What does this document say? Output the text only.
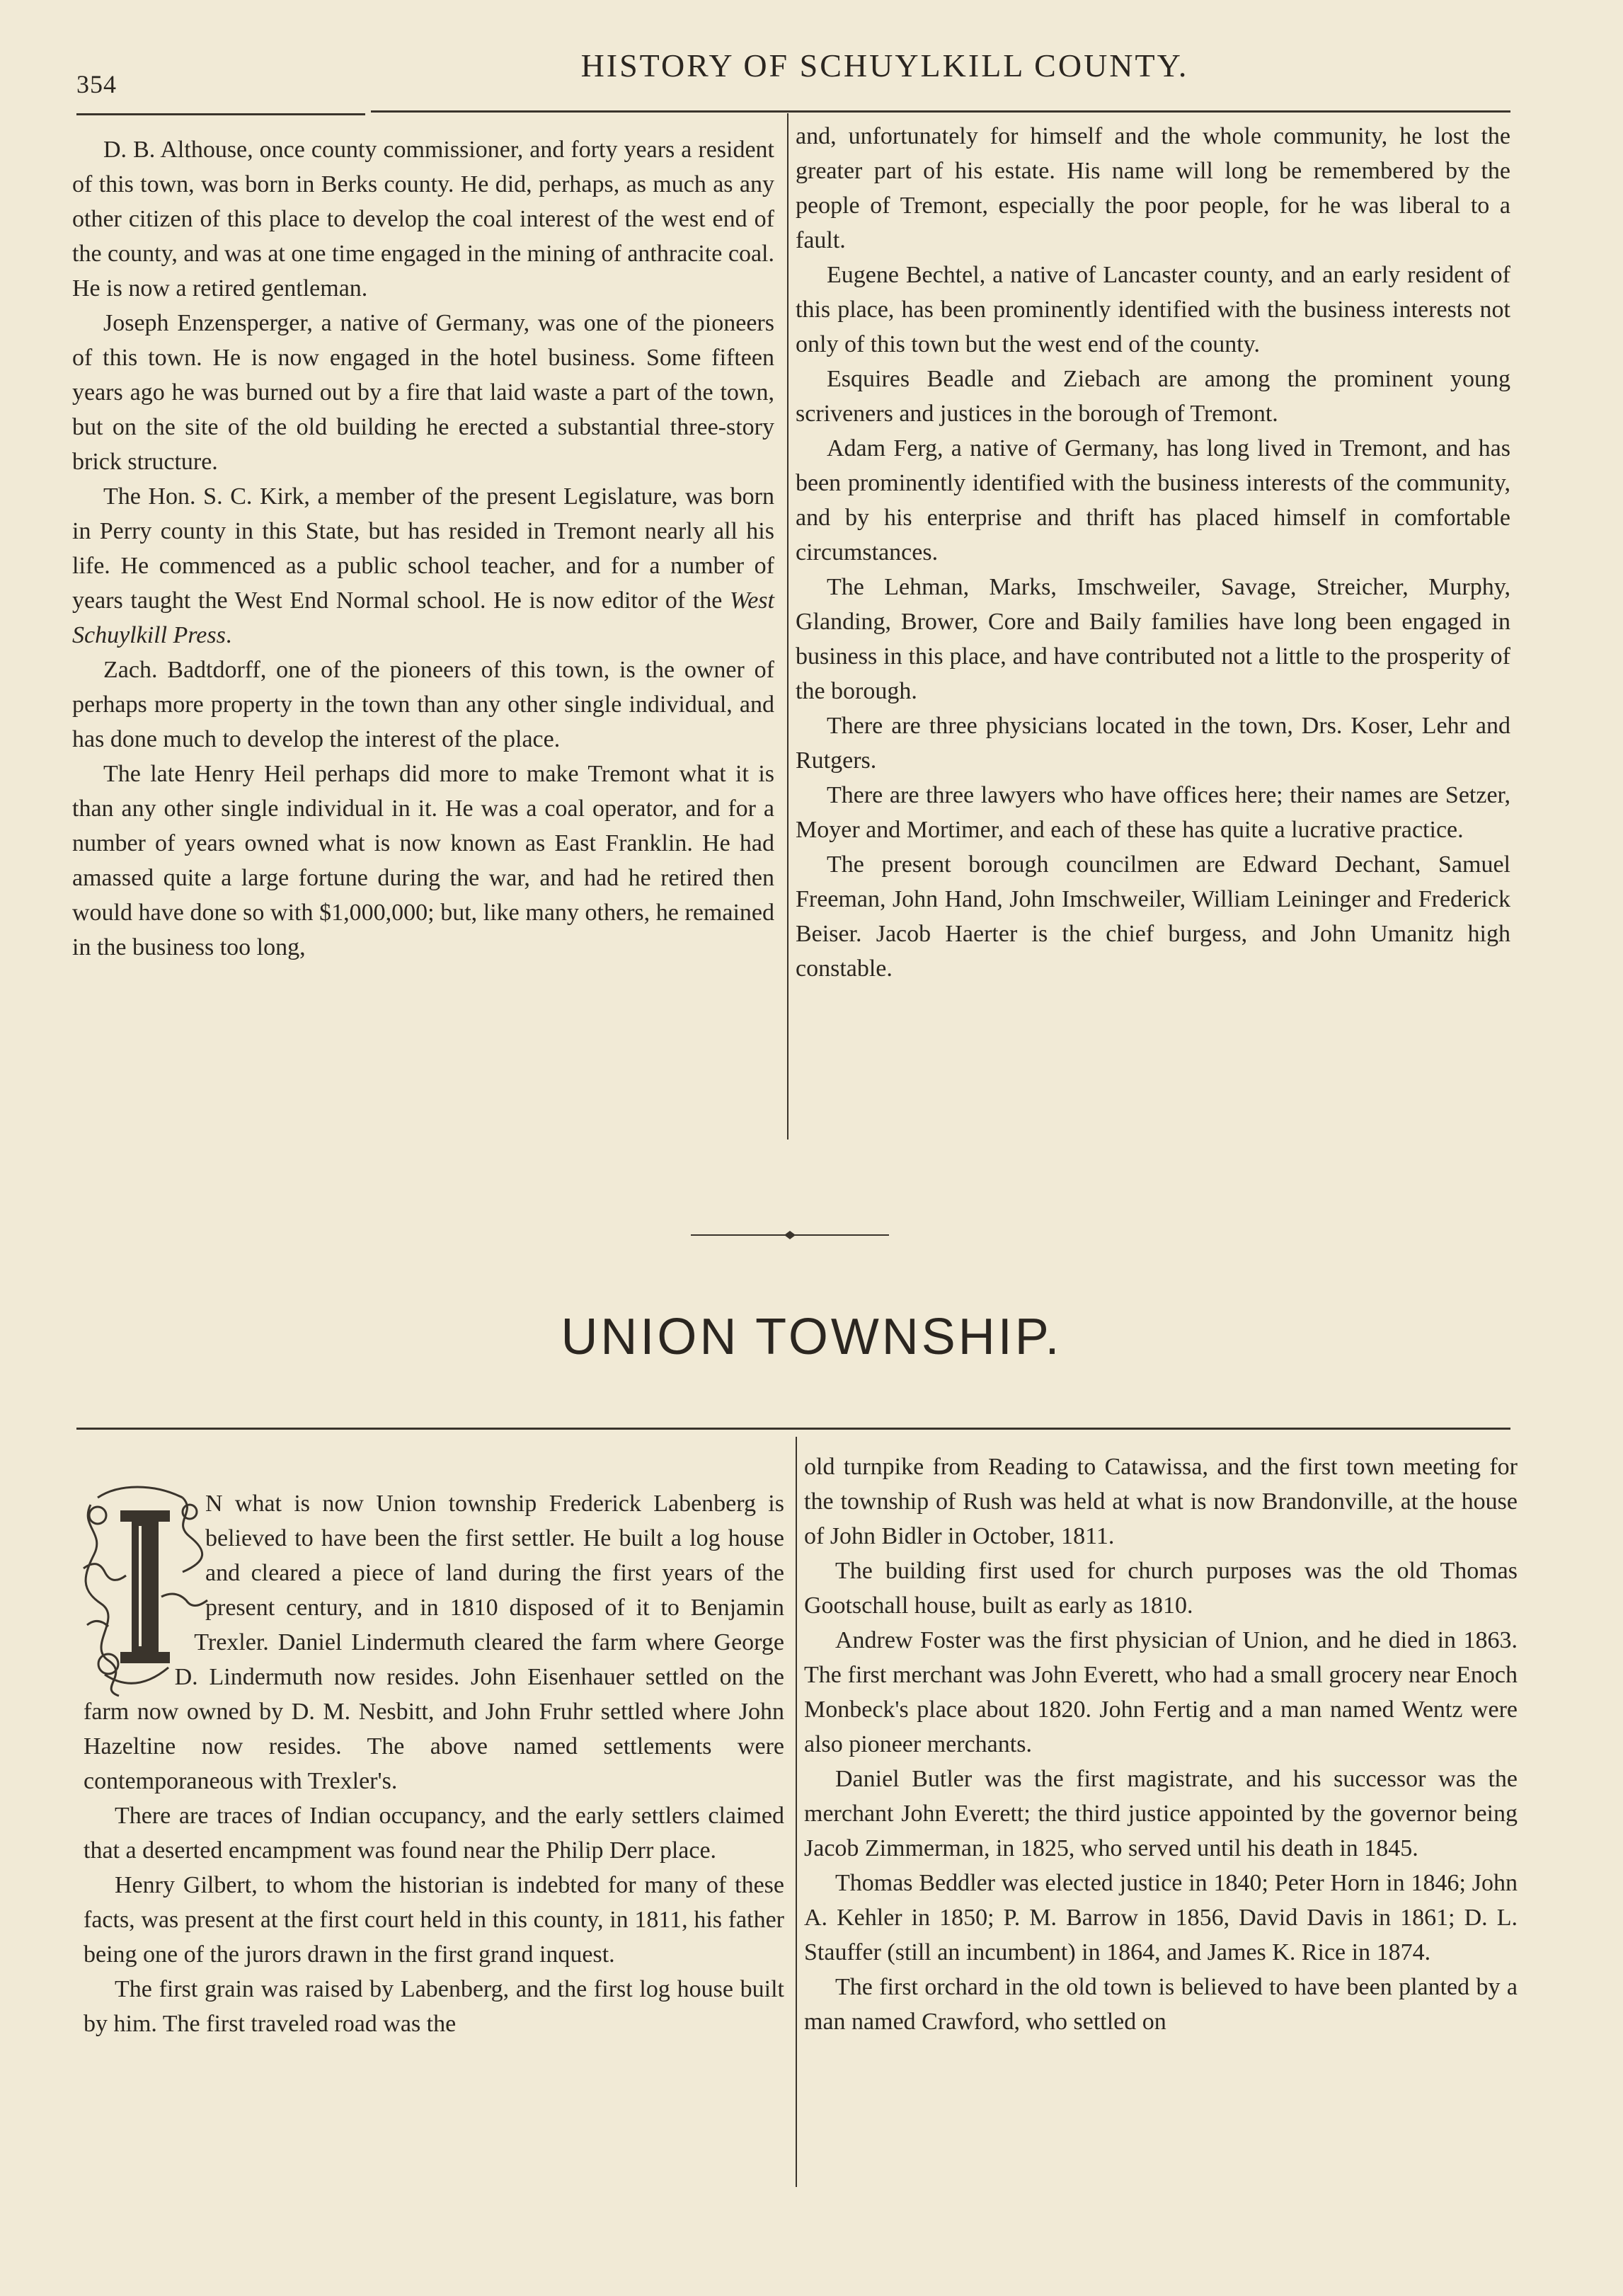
354
HISTORY OF SCHUYLKILL COUNTY.

D. B. Althouse, once county commissioner, and forty years a resident of this town, was born in Berks county. He did, perhaps, as much as any other citizen of this place to develop the coal interest of the west end of the county, and was at one time engaged in the mining of anthracite coal. He is now a retired gentleman.

Joseph Enzensperger, a native of Germany, was one of the pioneers of this town. He is now engaged in the hotel business. Some fifteen years ago he was burned out by a fire that laid waste a part of the town, but on the site of the old building he erected a substantial three-story brick structure.

The Hon. S. C. Kirk, a member of the present Legislature, was born in Perry county in this State, but has resided in Tremont nearly all his life. He commenced as a public school teacher, and for a number of years taught the West End Normal school. He is now editor of the West Schuylkill Press.

Zach. Badtdorff, one of the pioneers of this town, is the owner of perhaps more property in the town than any other single individual, and has done much to develop the interest of the place.

The late Henry Heil perhaps did more to make Tremont what it is than any other single individual in it. He was a coal operator, and for a number of years owned what is now known as East Franklin. He had amassed quite a large fortune during the war, and had he retired then would have done so with $1,000,000; but, like many others, he remained in the business too long,

and, unfortunately for himself and the whole community, he lost the greater part of his estate. His name will long be remembered by the people of Tremont, especially the poor people, for he was liberal to a fault.

Eugene Bechtel, a native of Lancaster county, and an early resident of this place, has been prominently identified with the business interests not only of this town but the west end of the county.

Esquires Beadle and Ziebach are among the prominent young scriveners and justices in the borough of Tremont.

Adam Ferg, a native of Germany, has long lived in Tremont, and has been prominently identified with the business interests of the community, and by his enterprise and thrift has placed himself in comfortable circumstances.

The Lehman, Marks, Imschweiler, Savage, Streicher, Murphy, Glanding, Brower, Core and Baily families have long been engaged in business in this place, and have contributed not a little to the prosperity of the borough.

There are three physicians located in the town, Drs. Koser, Lehr and Rutgers.

There are three lawyers who have offices here; their names are Setzer, Moyer and Mortimer, and each of these has quite a lucrative practice.

The present borough councilmen are Edward Dechant, Samuel Freeman, John Hand, John Imschweiler, William Leininger and Frederick Beiser. Jacob Haerter is the chief burgess, and John Umanitz high constable.

UNION TOWNSHIP.

N what is now Union township Frederick Labenberg is believed to have been the first settler. He built a log house and cleared a piece of land during the first years of the present century, and in 1810 disposed of it to Benjamin Trexler. Daniel Lindermuth cleared the farm where George D. Lindermuth now resides. John Eisenhauer settled on the farm now owned by D. M. Nesbitt, and John Fruhr settled where John Hazeltine now resides. The above named settlements were contemporaneous with Trexler's.

There are traces of Indian occupancy, and the early settlers claimed that a deserted encampment was found near the Philip Derr place.

Henry Gilbert, to whom the historian is indebted for many of these facts, was present at the first court held in this county, in 1811, his father being one of the jurors drawn in the first grand inquest.

The first grain was raised by Labenberg, and the first log house built by him. The first traveled road was the

old turnpike from Reading to Catawissa, and the first town meeting for the township of Rush was held at what is now Brandonville, at the house of John Bidler in October, 1811.

The building first used for church purposes was the old Thomas Gootschall house, built as early as 1810.

Andrew Foster was the first physician of Union, and he died in 1863. The first merchant was John Everett, who had a small grocery near Enoch Monbeck's place about 1820. John Fertig and a man named Wentz were also pioneer merchants.

Daniel Butler was the first magistrate, and his successor was the merchant John Everett; the third justice appointed by the governor being Jacob Zimmerman, in 1825, who served until his death in 1845.

Thomas Beddler was elected justice in 1840; Peter Horn in 1846; John A. Kehler in 1850; P. M. Barrow in 1856, David Davis in 1861; D. L. Stauffer (still an incumbent) in 1864, and James K. Rice in 1874.

The first orchard in the old town is believed to have been planted by a man named Crawford, who settled on
